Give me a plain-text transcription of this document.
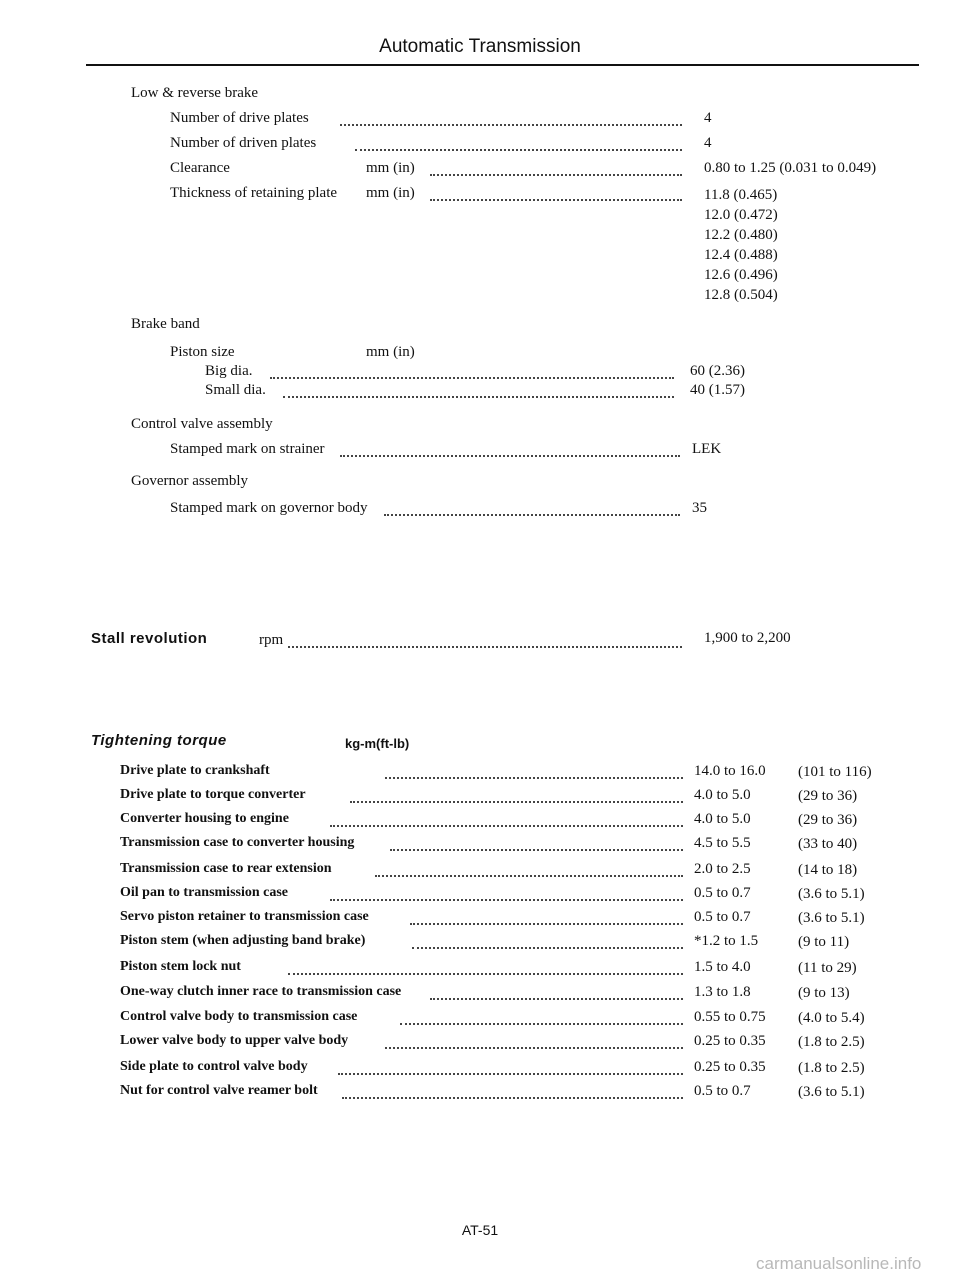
Automatic Transmission
Low & reverse brake
Number of drive plates	4
Number of driven plates	4
Clearance	mm (in)	0.80 to 1.25 (0.031 to 0.049)
Thickness of retaining plate mm (in)	11.8 (0.465)
12.0 (0.472)
12.2 (0.480)
12.4 (0.488)
12.6 (0.496)
12.8 (0.504)
Brake band
Piston size	mm (in)
Big dia.	60 (2.36)
Small dia.	40 (1.57)
Control valve assembly
Stamped mark on strainer	LEK
Governor assembly
Stamped mark on governor body	35
Stall revolution	rpm	1,900 to 2,200
Tightening torque	kg-m(ft-lb)
Drive plate to crankshaft	14.0 to 16.0 (101 to 116)
Drive plate to torque converter	4.0 to 5.0	(29 to 36)
Converter housing to engine	4.0 to 5.0	(29 to 36)
Transmission case to converter housing	4.5 to 5.5	(33 to 40)
Transmission case to rear extension	2.0 to 2.5	(14 to 18)
Oil pan to transmission case	0.5 to 0.7	(3.6 to 5.1)
Servo piston retainer to transmission case	0.5 to 0.7	(3.6 to 5.1)
Piston stem (when adjusting band brake)	*1.2 to 1.5	(9 to 11)
Piston stem lock nut	1.5 to 4.0	(11 to 29)
One-way clutch inner race to transmission case	1.3 to 1.8	(9 to 13)
Control valve body to transmission case	0.55 to 0.75 (4.0 to 5.4)
Lower valve body to upper valve body	0.25 to 0.35 (1.8 to 2.5)
Side plate to control valve body	0.25 to 0.35 (1.8 to 2.5)
Nut for control valve reamer bolt	0.5 to 0.7	(3.6 to 5.1)
AT-51
carmanualsonline.info
